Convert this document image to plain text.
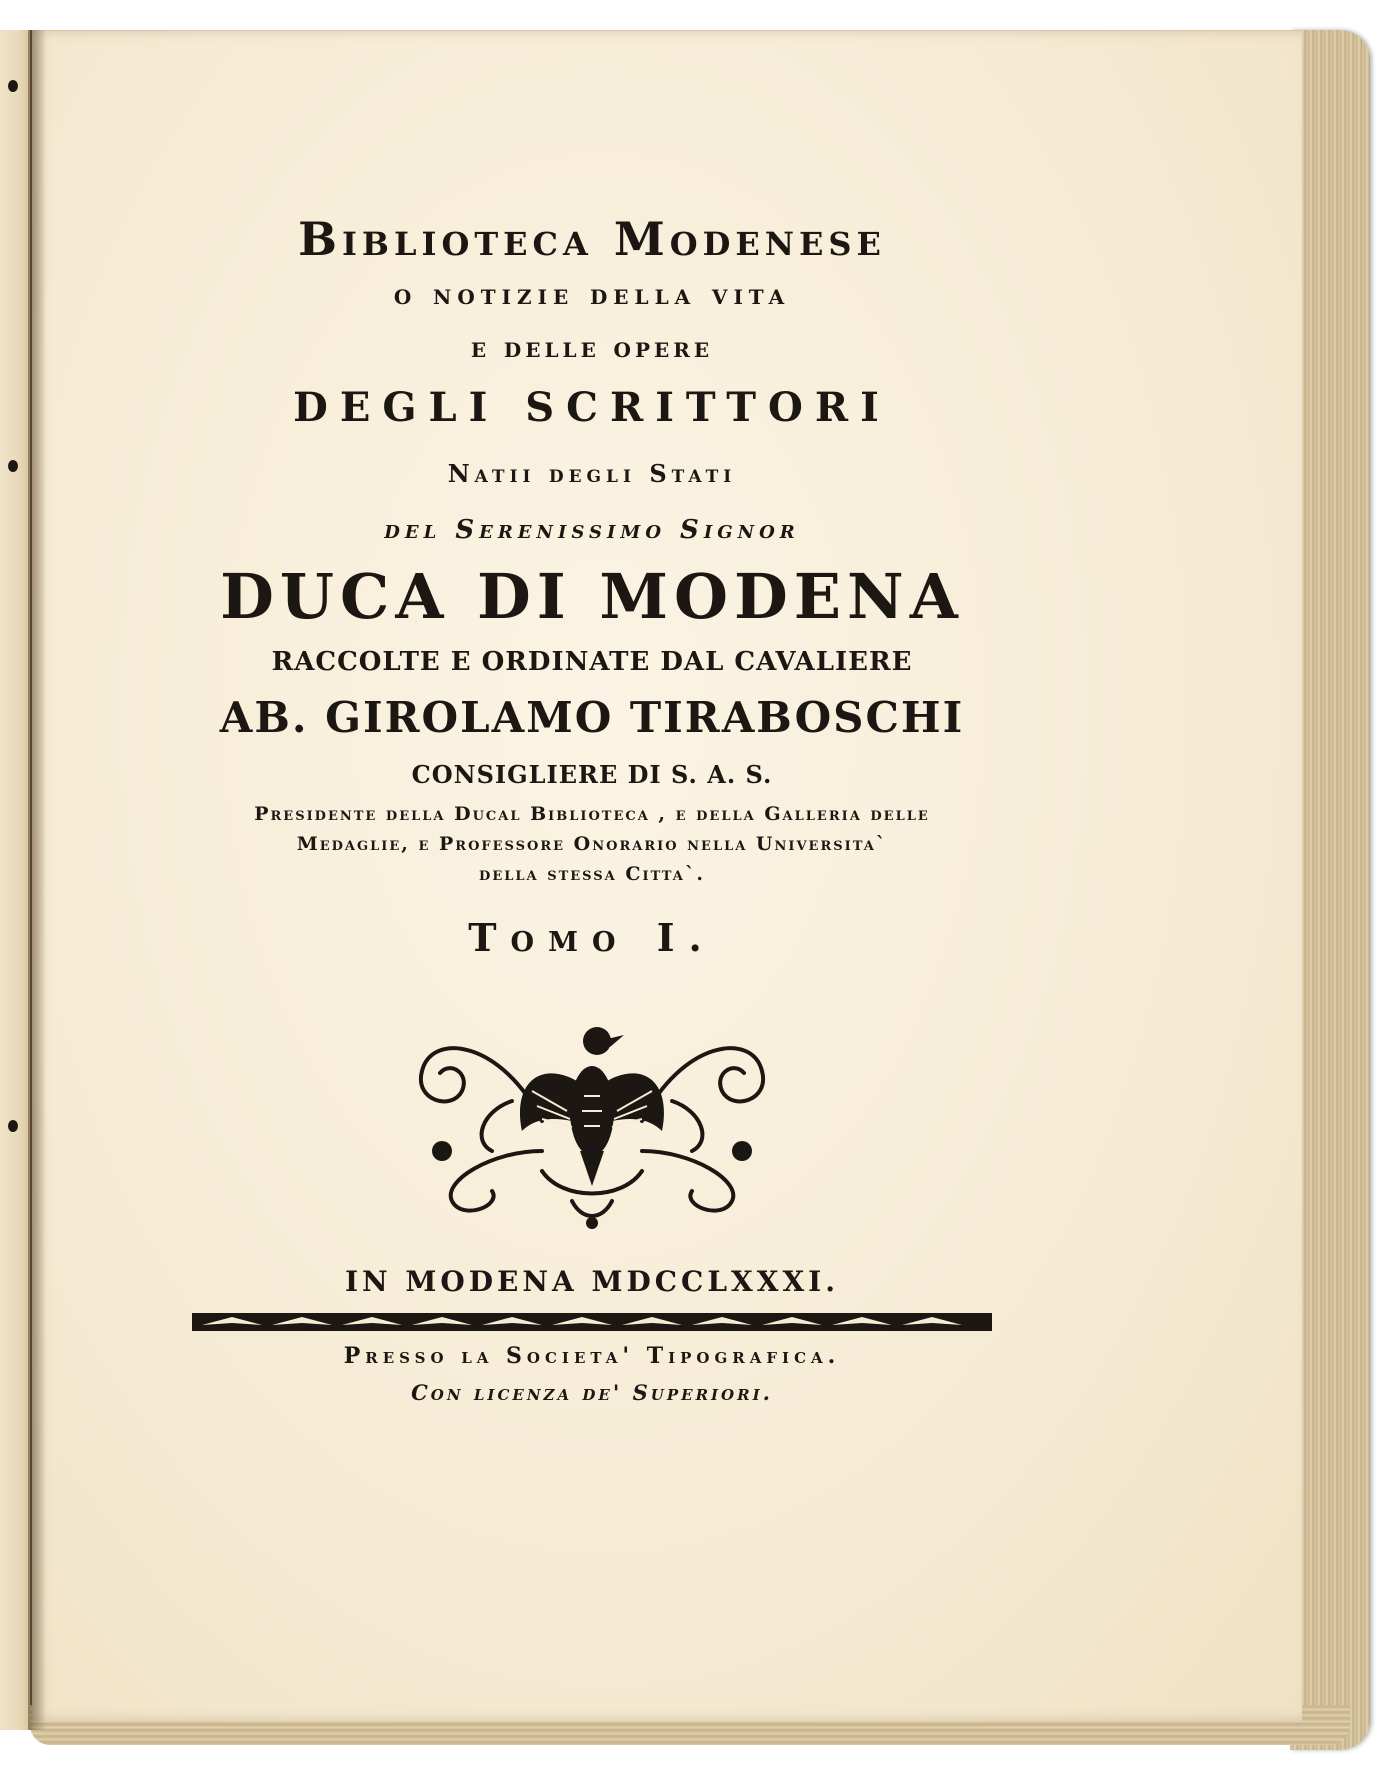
Biblioteca Modenese
o notizie della vita
e delle opere
DEGLI SCRITTORI
Natii degli Stati
del Serenissimo Signor
DUCA DI MODENA
RACCOLTE E ORDINATE DAL CAVALIERE
AB. GIROLAMO TIRABOSCHI
CONSIGLIERE DI S. A. S.
Presidente della Ducal Biblioteca , e della Galleria delle
Medaglie, e Professore Onorario nella Universita`
della stessa Citta`.
Tomo I.
IN MODENA MDCCLXXXI.
Presso la Societa' Tipografica.
Con licenza de' Superiori.
